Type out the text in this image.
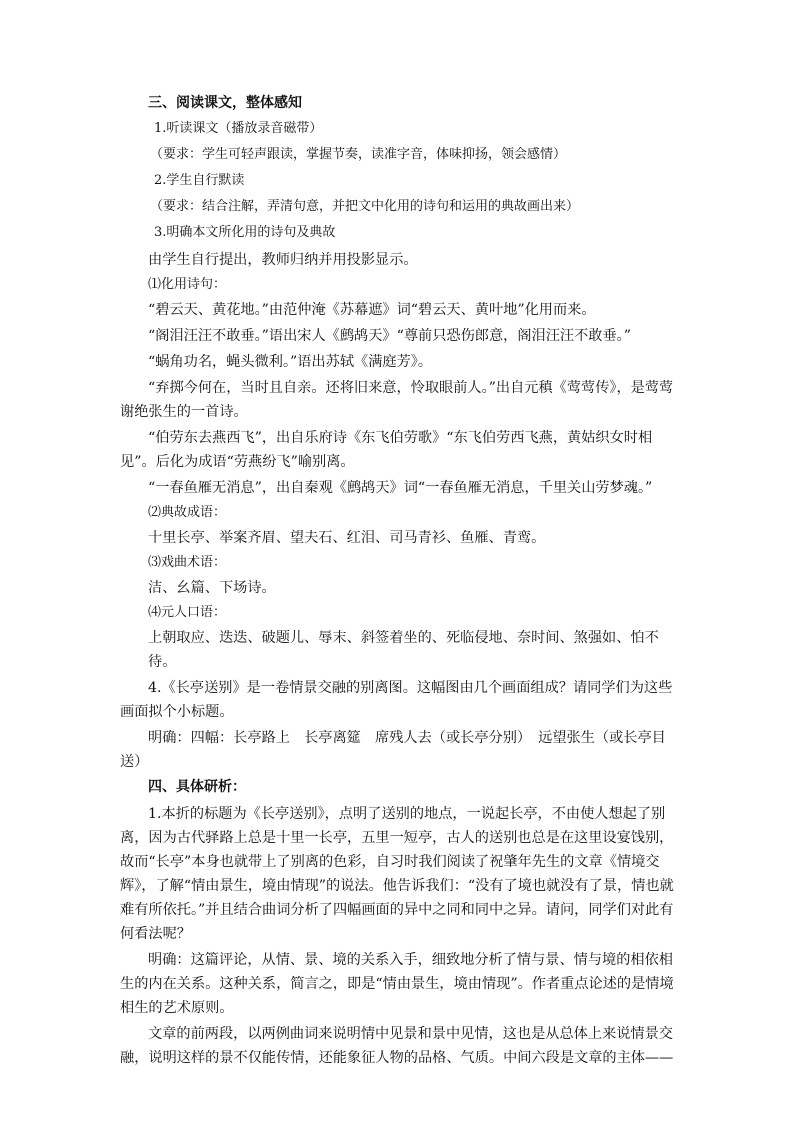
三、阅读课文，整体感知
1.听读课文（播放录音磁带）
（要求：学生可轻声跟读，掌握节奏，读准字音，体味抑扬，领会感情）
2.学生自行默读
（要求：结合注解，弄清句意，并把文中化用的诗句和运用的典故画出来）
3.明确本文所化用的诗句及典故
由学生自行提出，教师归纳并用投影显示。
⑴化用诗句：
“碧云天、黄花地。”由范仲淹《苏幕遮》词“碧云天、黄叶地”化用而来。
“阁泪汪汪不敢垂。”语出宋人《鹧鸪天》“尊前只恐伤郎意，阁泪汪汪不敢垂。”
“蜗角功名，蝇头微利。”语出苏轼《满庭芳》。
“弃掷今何在，当时且自亲。还将旧来意，怜取眼前人。”出自元稹《莺莺传》，是莺莺谢绝张生的一首诗。
“伯劳东去燕西飞”，出自乐府诗《东飞伯劳歌》“东飞伯劳西飞燕，黄姑织女时相见”。后化为成语“劳燕纷飞”喻别离。
“一春鱼雁无消息”，出自秦观《鹧鸪天》词“一春鱼雁无消息，千里关山劳梦魂。”
⑵典故成语：
十里长亭、举案齐眉、望夫石、红泪、司马青衫、鱼雁、青鸾。
⑶戏曲术语：
洁、幺篇、下场诗。
⑷元人口语：
上朝取应、迭迭、破题儿、辱末、斜签着坐的、死临侵地、奈时间、煞强如、怕不待。
4.《长亭送别》是一卷情景交融的别离图。这幅图由几个画面组成？请同学们为这些画面拟个小标题。
明确：四幅：长亭路上　长亭离筵　席残人去（或长亭分别）　远望张生（或长亭目送）
四、具体研析：
1.本折的标题为《长亭送别》，点明了送别的地点，一说起长亭，不由使人想起了别离，因为古代驿路上总是十里一长亭，五里一短亭，古人的送别也总是在这里设宴饯别，故而“长亭”本身也就带上了别离的色彩，自习时我们阅读了祝肇年先生的文章《情境交辉》，了解“情由景生，境由情现”的说法。他告诉我们：“没有了境也就没有了景，情也就难有所依托。”并且结合曲词分析了四幅画面的异中之同和同中之异。请问，同学们对此有何看法呢？
明确：这篇评论，从情、景、境的关系入手，细致地分析了情与景、情与境的相依相生的内在关系。这种关系，简言之，即是“情由景生，境由情现”。作者重点论述的是情境相生的艺术原则。
文章的前两段，以两例曲词来说明情中见景和景中见情，这也是从总体上来说情景交融，说明这样的景不仅能传情，还能象征人物的品格、气质。中间六段是文章的主体——
